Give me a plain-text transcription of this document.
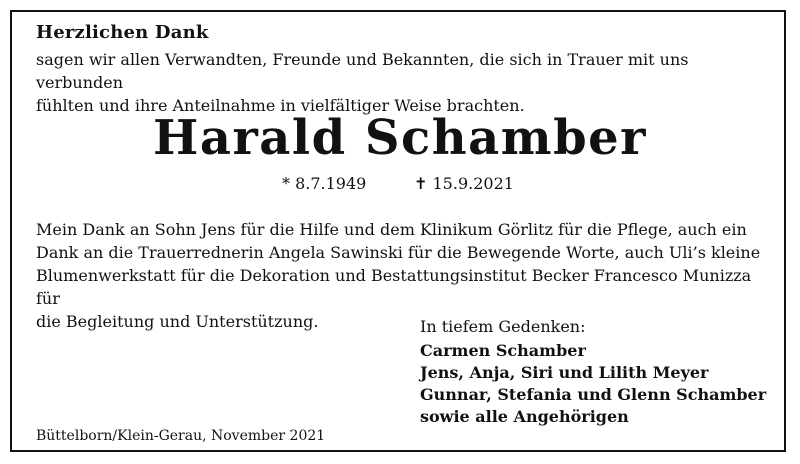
Herzlichen Dank

sagen wir allen Verwandten, Freunde und Bekannten, die sich in Trauer mit uns verbunden
fühlten und ihre Anteilnahme in vielfältiger Weise brachten.

Harald Schamber
* 8.7.1949	✝ 15.9.2021

Mein Dank an Sohn Jens für die Hilfe und dem Klinikum Görlitz für die Pflege, auch ein
Dank an die Trauerrednerin Angela Sawinski für die Bewegende Worte, auch Uli’s kleine
Blumenwerkstatt für die Dekoration und Bestattungsinstitut Becker Francesco Munizza für
die Begleitung und Unterstützung.	In tiefem Gedenken:

Carmen Schamber
Jens, Anja, Siri und Lilith Meyer
Gunnar, Stefania und Glenn Schamber
sowie alle Angehörigen

Büttelborn/Klein-Gerau, November 2021
